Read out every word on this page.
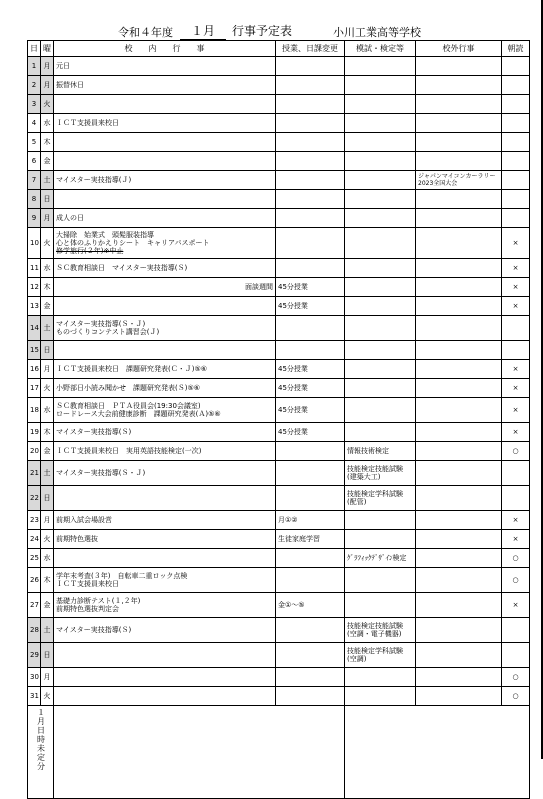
令和４年度	１月	行事予定表	小川工業高等学校
日	曜	校　　内　　行　　事	授業、日課変更	模試・検定等	校外行事	朝読
1	月	元日				

2	月	振替休日				

3	火					
4	水	ＩＣＴ支援員来校日				

5	木					
6	金					
7	土	マイスター実技指導(Ｊ)			ジャパンマイコンカーラリー2023全国大会	
8	日					
9	月	成人の日				

10	火	大掃除　始業式　頭髪服装指導
心と体のふりかえりシート　キャリアパスポート
修学旅行(２年)※中止				×
11	水	ＳＣ教育相談日　マイスター実技指導(Ｓ)				×
12	木	面談週間	45分授業			×
13	金		45分授業			×
14	土	マイスター実技指導(Ｓ・Ｊ)
ものづくりコンテスト講習会(Ｊ)				

15	日					
16	月	ＩＣＴ支援員来校日　課題研究発表(Ｃ・Ｊ)⑤⑥	45分授業			×
17	火	小野部日小読み聞かせ　課題研究発表(Ｓ)⑤⑥	45分授業			×
18	水	ＳＣ教育相談日　ＰＴＡ役員会(19:30会議室)
ロードレース大会前健康診断　課題研究発表(Ａ)⑤⑥	45分授業			×
19	木	マイスター実技指導(Ｓ)	45分授業			×
20	金	ＩＣＴ支援員来校日　実用英語技能検定(一次)		情報技術検定		○
21	土	マイスター実技指導(Ｓ・Ｊ)		技能検定技能試験
(建築大工)		

22	日			技能検定学科試験
(配管)		

23	月	前期入試会場設営	月①②			×
24	火	前期特色選抜	生徒家庭学習			×
25	水			ｸﾞﾗﾌｨｯｸﾃﾞｻﾞｲﾝ検定		○
26	木	学年末考査(３年)　自転車二重ロック点検
ＩＣＴ支援員来校日				○
27	金	基礎力診断テスト(１,２年)
前期特色選抜判定会	金①～⑤			×
28	土	マイスター実技指導(Ｓ)		技能検定技能試験
(空調・電子機器)		

29	日			技能検定学科試験
(空調)		

30	月					○
31	火					○
１月日時未定分						
